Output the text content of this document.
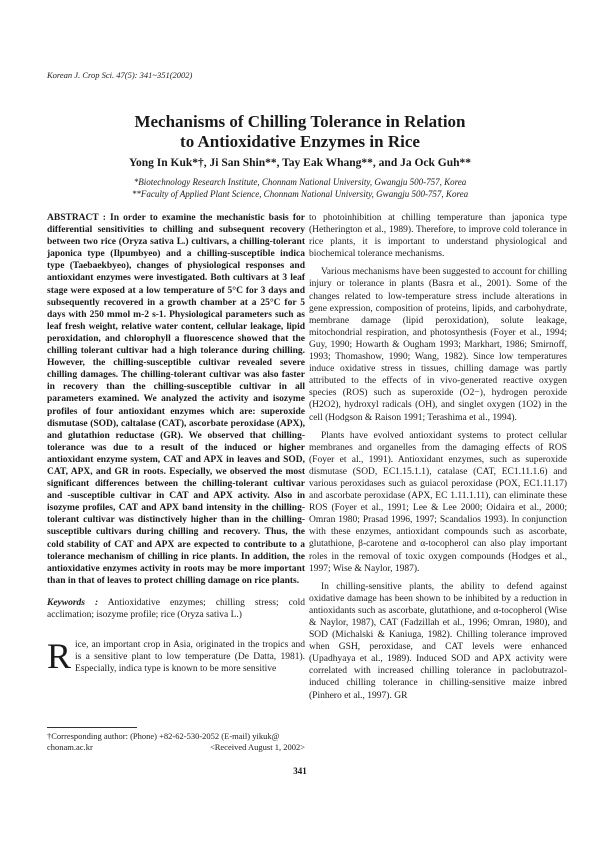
Korean J. Crop Sci. 47(5): 341~351(2002)
Mechanisms of Chilling Tolerance in Relation
to Antioxidative Enzymes in Rice
Yong In Kuk*†, Ji San Shin**, Tay Eak Whang**, and Ja Ock Guh**
*Biotechnology Research Institute, Chonnam National University, Gwangju 500-757, Korea
**Faculty of Applied Plant Science, Chonnam National University, Gwangju 500-757, Korea
ABSTRACT : In order to examine the mechanistic basis for differential sensitivities to chilling and subsequent recovery between two rice (Oryza sativa L.) cultivars, a chilling-tolerant japonica type (Ilpumbyeo) and a chilling-susceptible indica type (Taebaekbyeo), changes of physiological responses and antioxidant enzymes were investigated. Both cultivars at 3 leaf stage were exposed at a low temperature of 5°C for 3 days and subsequently recovered in a growth chamber at a 25°C for 5 days with 250 mmol m-2 s-1. Physiological parameters such as leaf fresh weight, relative water content, cellular leakage, lipid peroxidation, and chlorophyll a fluorescence showed that the chilling tolerant cultivar had a high tolerance during chilling. However, the chilling-susceptible cultivar revealed severe chilling damages. The chilling-tolerant cultivar was also faster in recovery than the chilling-susceptible cultivar in all parameters examined. We analyzed the activity and isozyme profiles of four antioxidant enzymes which are: superoxide dismutase (SOD), caltalase (CAT), ascorbate peroxidase (APX), and glutathion reductase (GR). We observed that chilling-tolerance was due to a result of the induced or higher antioxidant enzyme system, CAT and APX in leaves and SOD, CAT, APX, and GR in roots. Especially, we observed the most significant differences between the chilling-tolerant cultivar and -susceptible cultivar in CAT and APX activity. Also in isozyme profiles, CAT and APX band intensity in the chilling-tolerant cultivar was distinctively higher than in the chilling-susceptible cultivars during chilling and recovery. Thus, the cold stability of CAT and APX are expected to contribute to a tolerance mechanism of chilling in rice plants. In addition, the antioxidative enzymes activity in roots may be more important than in that of leaves to protect chilling damage on rice plants.
Keywords : Antioxidative enzymes; chilling stress; cold acclimation; isozyme profile; rice (Oryza sativa L.)
R ice, an important crop in Asia, originated in the tropics and is a sensitive plant to low temperature (De Datta, 1981). Especially, indica type is known to be more sensitive

to photoinhibition at chilling temperature than japonica type (Hetherington et al., 1989). Therefore, to improve cold tolerance in rice plants, it is important to understand physiological and biochemical tolerance mechanisms.

Various mechanisms have been suggested to account for chilling injury or tolerance in plants (Basra et al., 2001). Some of the changes related to low-temperature stress include alterations in gene expression, composition of proteins, lipids, and carbohydrate, membrane damage (lipid peroxidation), solute leakage, mitochondrial respiration, and photosynthesis (Foyer et al., 1994; Guy, 1990; Howarth & Ougham 1993; Markhart, 1986; Smirnoff, 1993; Thomashow, 1990; Wang, 1982). Since low temperatures induce oxidative stress in tissues, chilling damage was partly attributed to the effects of in vivo-generated reactive oxygen species (ROS) such as superoxide (O2−), hydrogen peroxide (H2O2), hydroxyl radicals (OH), and singlet oxygen (1O2) in the cell (Hodgson & Raison 1991; Terashima et al., 1994).

Plants have evolved antioxidant systems to protect cellular membranes and organelles from the damaging effects of ROS (Foyer et al., 1991). Antioxidant enzymes, such as superoxide dismutase (SOD, EC1.15.1.1), catalase (CAT, EC1.11.1.6) and various peroxidases such as guiacol peroxidase (POX, EC1.11.17) and ascorbate peroxidase (APX, EC 1.11.1.11), can eliminate these ROS (Foyer et al., 1991; Lee & Lee 2000; Oidaira et al., 2000; Omran 1980; Prasad 1996, 1997; Scandalios 1993). In conjunction with these enzymes, antioxidant compounds such as ascorbate, glutathione, β-carotene and α-tocopherol can also play important roles in the removal of toxic oxygen compounds (Hodges et al., 1997; Wise & Naylor, 1987).

In chilling-sensitive plants, the ability to defend against oxidative damage has been shown to be inhibited by a reduction in antioxidants such as ascorbate, glutathione, and α-tocopherol (Wise & Naylor, 1987), CAT (Fadzillah et al., 1996; Omran, 1980), and SOD (Michalski & Kaniuga, 1982). Chilling tolerance improved when GSH, peroxidase, and CAT levels were enhanced (Upadhyaya et al., 1989). Induced SOD and APX activity were correlated with increased chilling tolerance in paclobutrazol-induced chilling tolerance in chilling-sensitive maize inbred (Pinhero et al., 1997). GR

†Corresponding author: (Phone) +82-62-530-2052 (E-mail) yikuk@
chonam.ac.kr	<Received August 1, 2002>
341
